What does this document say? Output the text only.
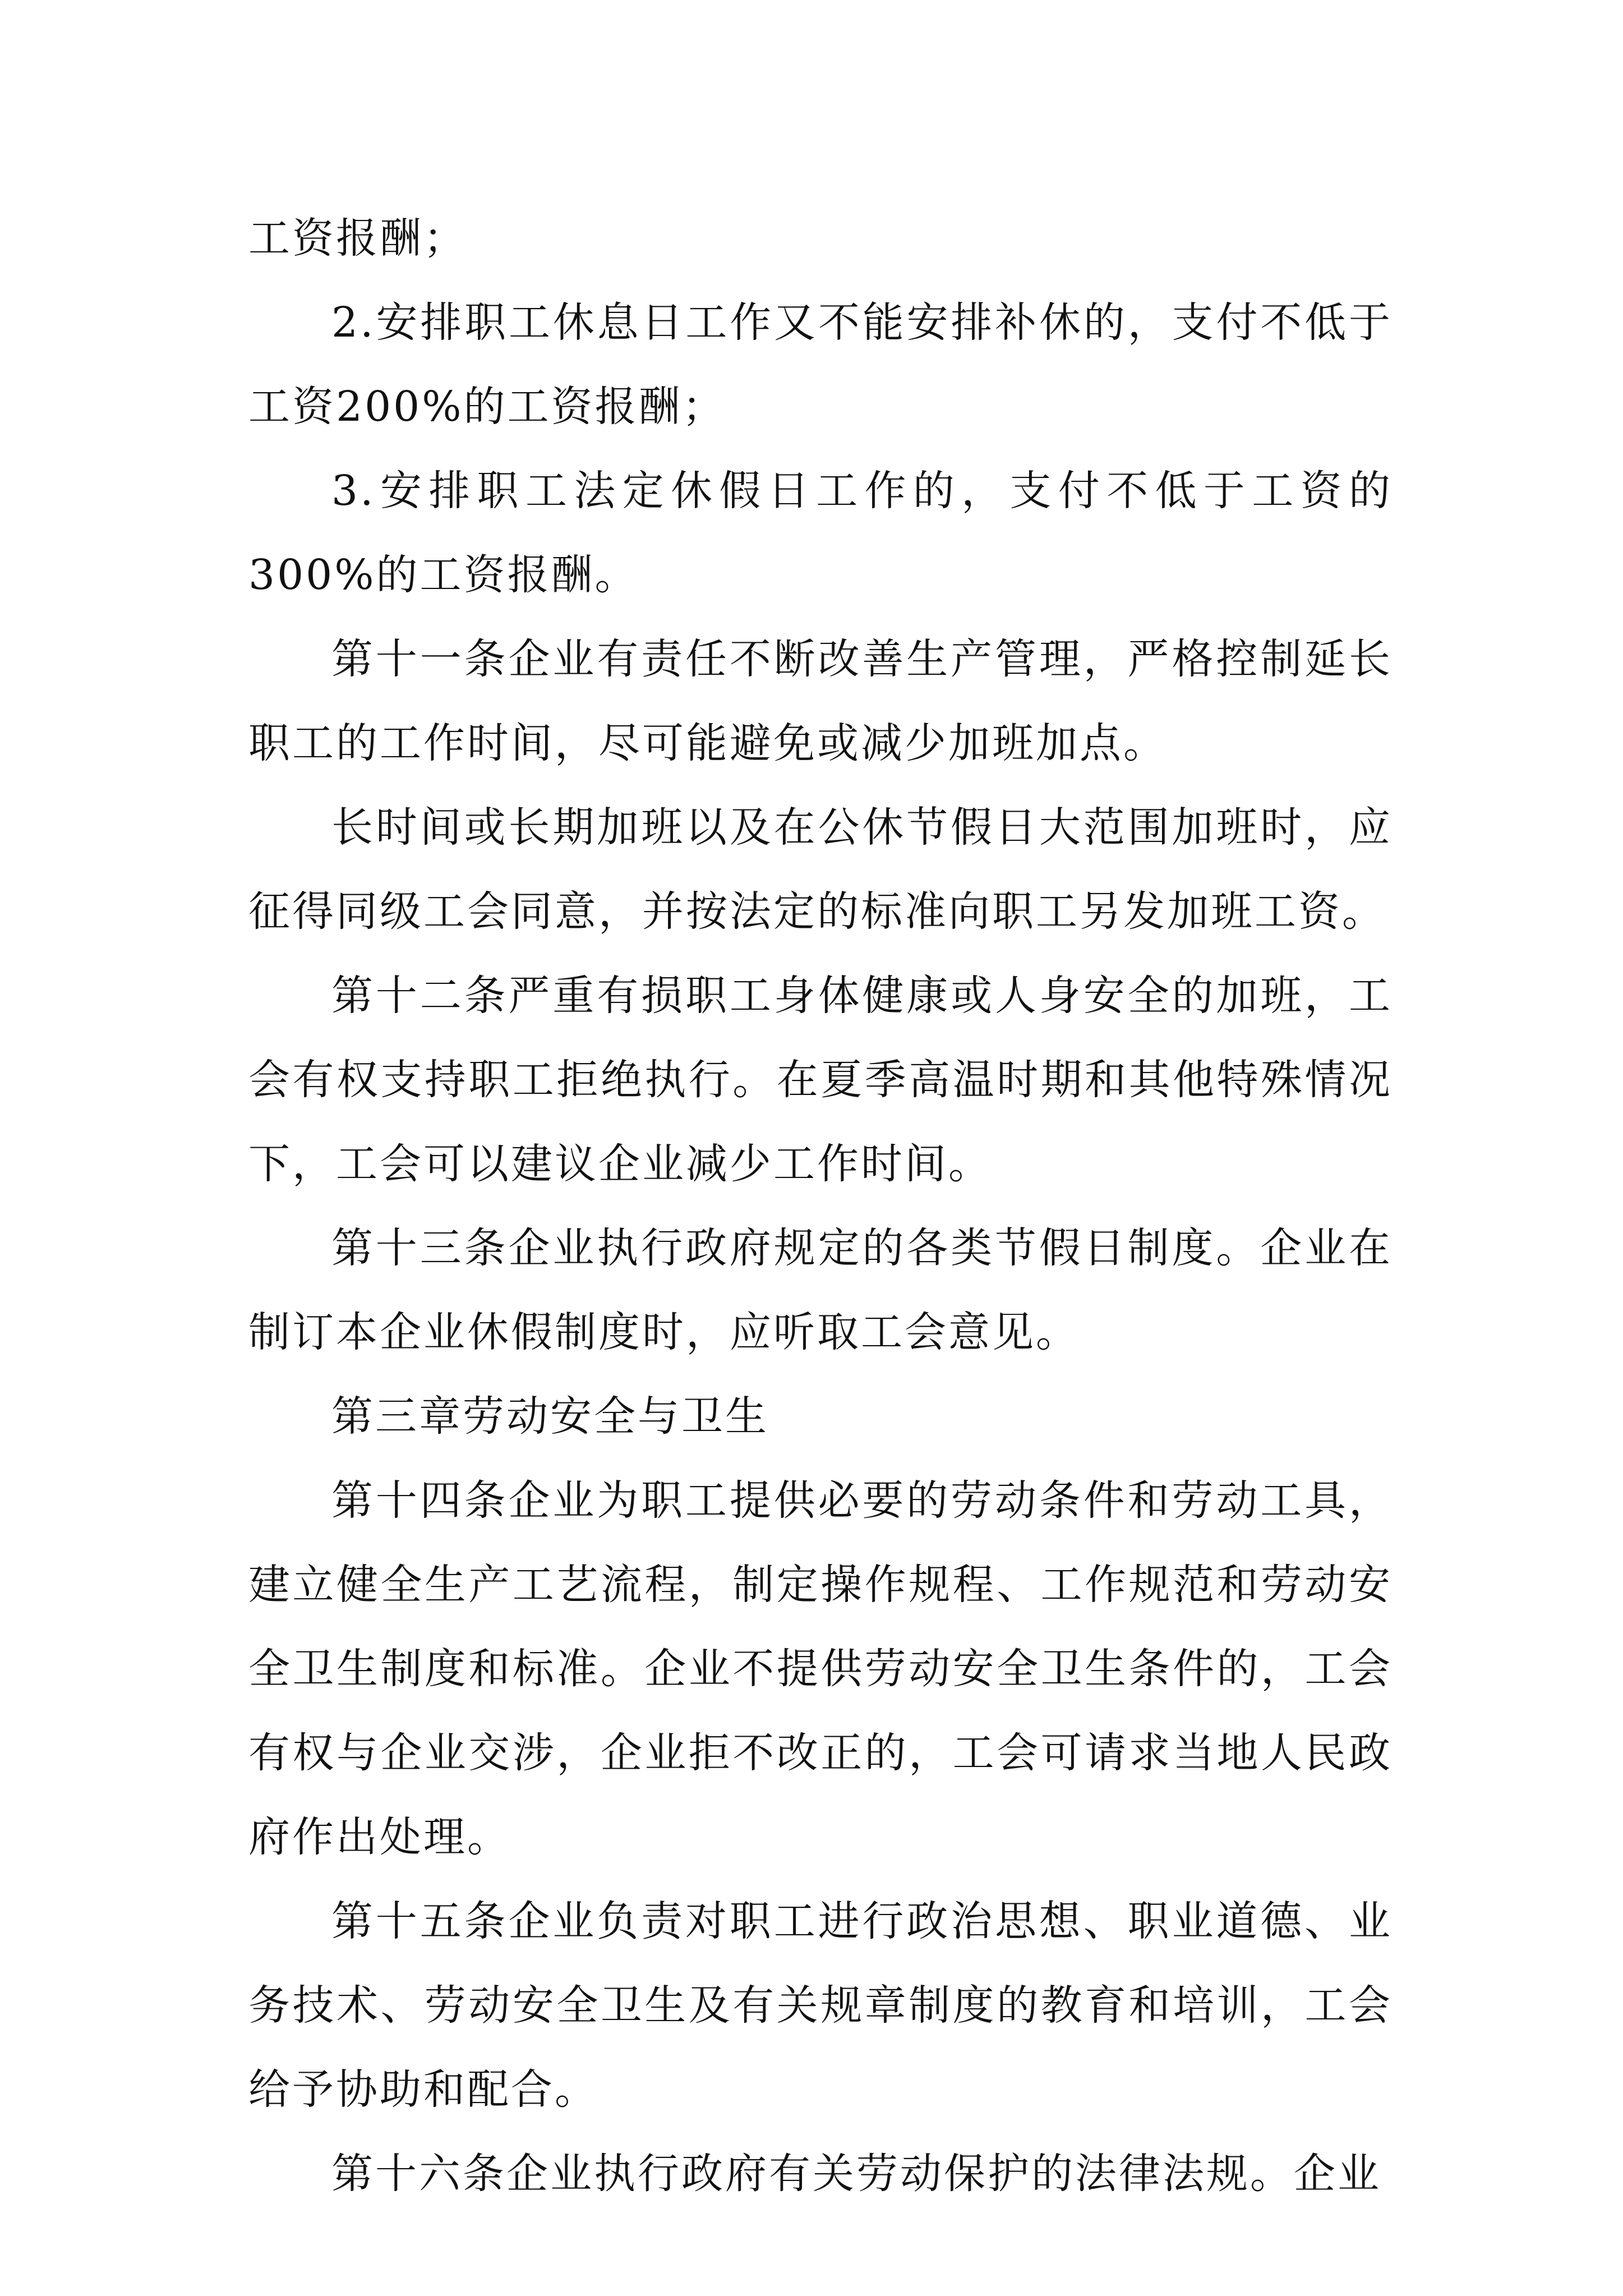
工资报酬；

2.安排职工休息日工作又不能安排补休的，支付不低于工资200%的工资报酬；

3.安排职工法定休假日工作的，支付不低于工资的300%的工资报酬。

第十一条企业有责任不断改善生产管理，严格控制延长职工的工作时间，尽可能避免或减少加班加点。

长时间或长期加班以及在公休节假日大范围加班时，应征得同级工会同意，并按法定的标准向职工另发加班工资。

第十二条严重有损职工身体健康或人身安全的加班，工会有权支持职工拒绝执行。在夏季高温时期和其他特殊情况下，工会可以建议企业减少工作时间。

第十三条企业执行政府规定的各类节假日制度。企业在制订本企业休假制度时，应听取工会意见。

第三章劳动安全与卫生

第十四条企业为职工提供必要的劳动条件和劳动工具，建立健全生产工艺流程，制定操作规程、工作规范和劳动安全卫生制度和标准。企业不提供劳动安全卫生条件的，工会有权与企业交涉，企业拒不改正的，工会可请求当地人民政府作出处理。

第十五条企业负责对职工进行政治思想、职业道德、业务技术、劳动安全卫生及有关规章制度的教育和培训，工会给予协助和配合。

第十六条企业执行政府有关劳动保护的法律法规。企业
